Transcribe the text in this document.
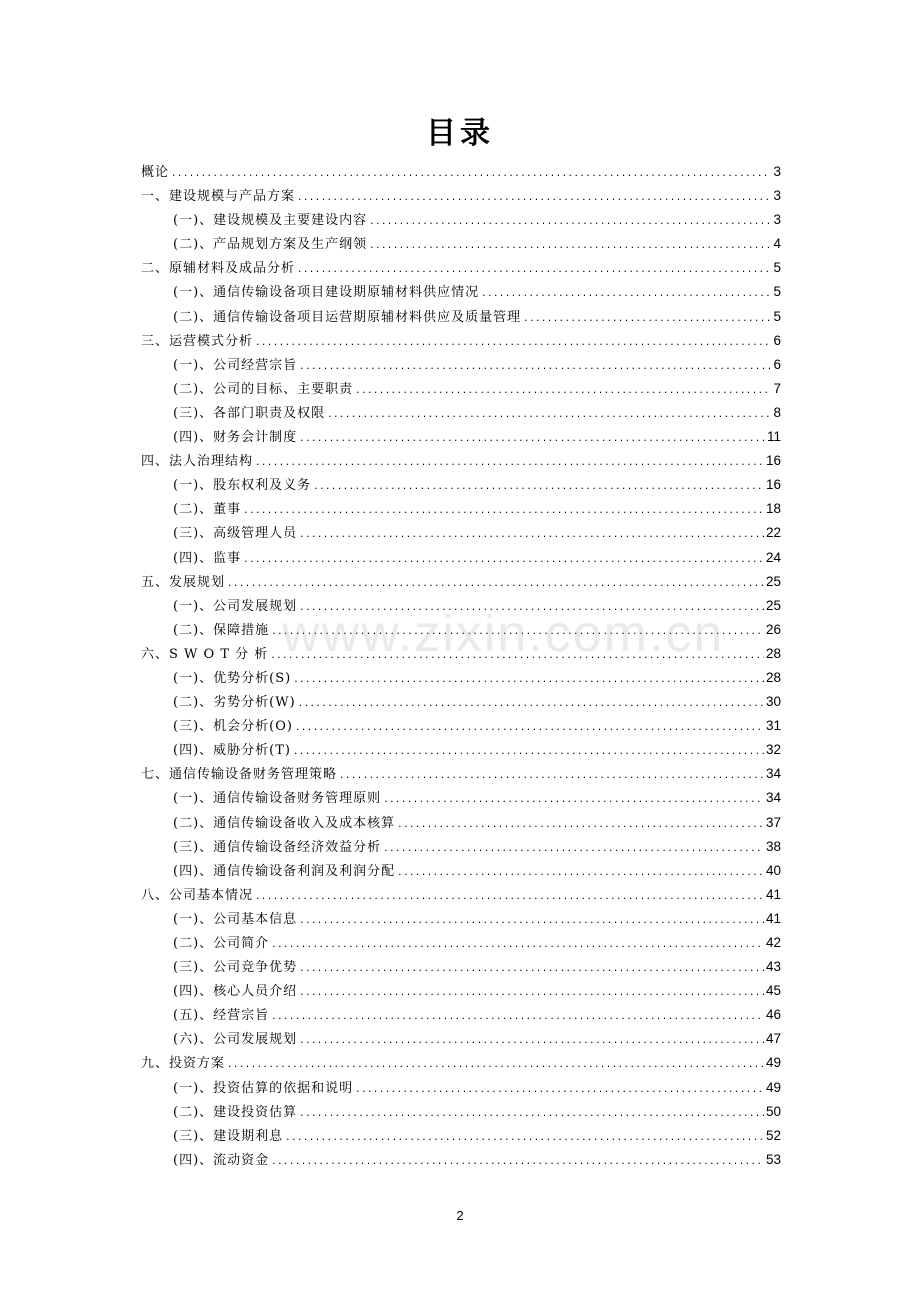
目录
概论 .....	3
一、建设规模与产品方案 .....	3
(一)、建设规模及主要建设内容 .....	3
(二)、产品规划方案及生产纲领 .....	4
二、原辅材料及成品分析 .....	5
(一)、通信传输设备项目建设期原辅材料供应情况 .....	5
(二)、通信传输设备项目运营期原辅材料供应及质量管理 .....	5
三、运营模式分析 .....	6
(一)、公司经营宗旨 .....	6
(二)、公司的目标、主要职责 .....	7
(三)、各部门职责及权限 .....	8
(四)、财务会计制度 .....	11
四、法人治理结构 .....	16
(一)、股东权利及义务 .....	16
(二)、董事 .....	18
(三)、高级管理人员 .....	22
(四)、监事 .....	24
五、发展规划 .....	25
(一)、公司发展规划 .....	25
(二)、保障措施 .....	26
六、S W O T 分 析 .....	28
(一)、优势分析(S) .....	28
(二)、劣势分析(W) .....	30
(三)、机会分析(O) .....	31
(四)、威胁分析(T) .....	32
七、通信传输设备财务管理策略 .....	34
(一)、通信传输设备财务管理原则 .....	34
(二)、通信传输设备收入及成本核算 .....	37
(三)、通信传输设备经济效益分析 .....	38
(四)、通信传输设备利润及利润分配 .....	40
八、公司基本情况 .....	41
(一)、公司基本信息 .....	41
(二)、公司简介 .....	42
(三)、公司竞争优势 .....	43
(四)、核心人员介绍 .....	45
(五)、经营宗旨 .....	46
(六)、公司发展规划 .....	47
九、投资方案 .....	49
(一)、投资估算的依据和说明 .....	49
(二)、建设投资估算 .....	50
(三)、建设期利息 .....	52
(四)、流动资金 .....	53
www.zixin.com.cn
2
